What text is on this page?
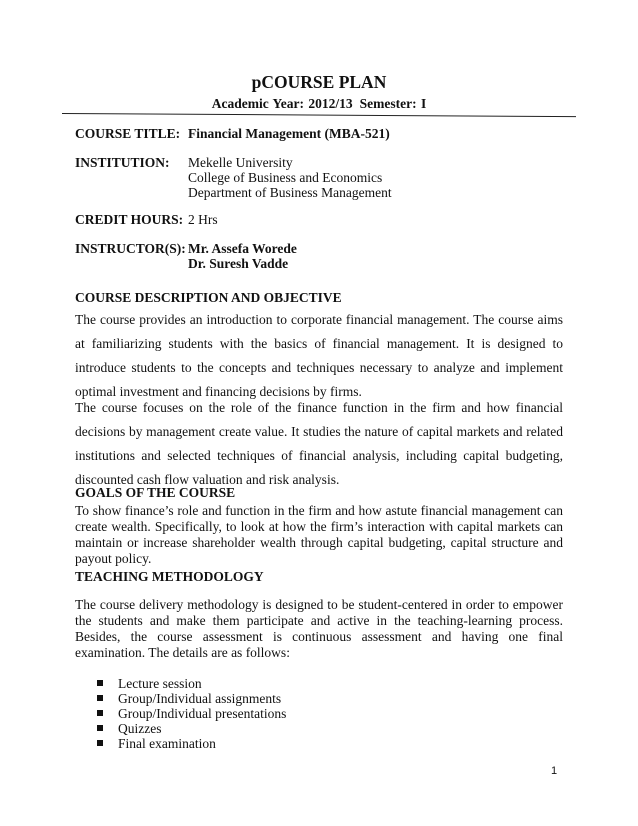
pCOURSE PLAN
Academic Year: 2012/13 Semester: I
COURSE TITLE: Financial Management (MBA-521)
INSTITUTION: Mekelle University
College of Business and Economics
Department of Business Management
CREDIT HOURS: 2 Hrs
INSTRUCTOR(S): Mr. Assefa Worede
Dr. Suresh Vadde
COURSE DESCRIPTION AND OBJECTIVE

The course provides an introduction to corporate financial management. The course aims at familiarizing students with the basics of financial management. It is designed to introduce students to the concepts and techniques necessary to analyze and implement optimal investment and financing decisions by firms.

The course focuses on the role of the finance function in the firm and how financial decisions by management create value. It studies the nature of capital markets and related institutions and selected techniques of financial analysis, including capital budgeting, discounted cash flow valuation and risk analysis.

GOALS OF THE COURSE

To show finance’s role and function in the firm and how astute financial management can create wealth. Specifically, to look at how the firm’s interaction with capital markets can maintain or increase shareholder wealth through capital budgeting, capital structure and payout policy.

TEACHING METHODOLOGY

The course delivery methodology is designed to be student-centered in order to empower the students and make them participate and active in the teaching-learning process. Besides, the course assessment is continuous assessment and having one final examination. The details are as follows:

Lecture session
Group/Individual assignments
Group/Individual presentations
Quizzes
Final examination
1
